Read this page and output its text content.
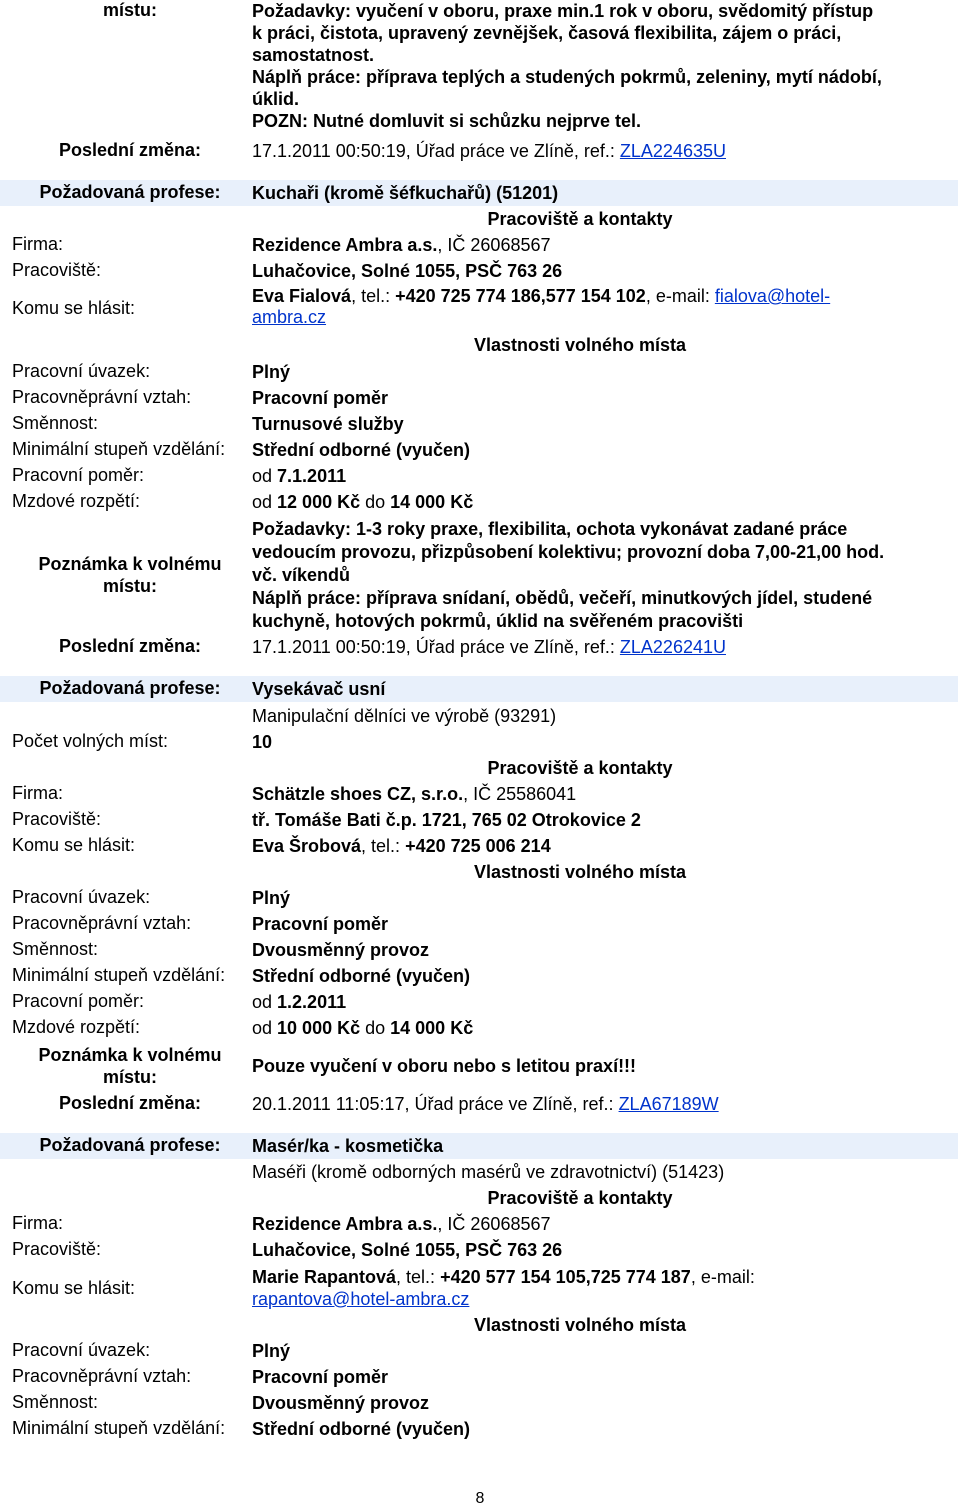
místu:	Požadavky: vyučení v oboru, praxe min.1 rok v oboru, svědomitý přístup
k práci, čistota, upravený zevnějšek, časová flexibilita, zájem o práci,
samostatnost.
Náplň práce: příprava teplých a studených pokrmů, zeleniny, mytí nádobí,
úklid.
POZN: Nutné domluvit si schůzku nejprve tel.
Poslední změna:	17.1.2011 00:50:19, Úřad práce ve Zlíně, ref.: ZLA224635U
Požadovaná profese:	Kuchaři (kromě šéfkuchařů) (51201)
Pracoviště a kontakty
Firma:	Rezidence Ambra a.s., IČ 26068567
Pracoviště:	Luhačovice, Solné 1055, PSČ 763 26
Komu se hlásit:
Eva Fialová, tel.: +420 725 774 186,577 154 102, e-mail: fialova@hotel-
ambra.cz
Vlastnosti volného místa
Pracovní úvazek:	Plný
Pracovněprávní vztah:	Pracovní poměr
Směnnost:	Turnusové služby
Minimální stupeň vzdělání:	Střední odborné (vyučen)
Pracovní poměr:	od 7.1.2011
Mzdové rozpětí:	od 12 000 Kč do 14 000 Kč
Poznámka k volnému
místu:
Požadavky: 1-3 roky praxe, flexibilita, ochota vykonávat zadané práce
vedoucím provozu, přizpůsobení kolektivu; provozní doba 7,00-21,00 hod.
vč. víkendů
Náplň práce: příprava snídaní, obědů, večeří, minutkových jídel, studené
kuchyně, hotových pokrmů, úklid na svěřeném pracovišti
Poslední změna:	17.1.2011 00:50:19, Úřad práce ve Zlíně, ref.: ZLA226241U
Požadovaná profese:	Vysekávač usní
Manipulační dělníci ve výrobě (93291)
Počet volných míst:	10
Pracoviště a kontakty
Firma:	Schätzle shoes CZ, s.r.o., IČ 25586041
Pracoviště:	tř. Tomáše Bati č.p. 1721, 765 02 Otrokovice 2
Komu se hlásit:	Eva Šrobová, tel.: +420 725 006 214
Vlastnosti volného místa
Pracovní úvazek:	Plný
Pracovněprávní vztah:	Pracovní poměr
Směnnost:	Dvousměnný provoz
Minimální stupeň vzdělání:	Střední odborné (vyučen)
Pracovní poměr:	od 1.2.2011
Mzdové rozpětí:	od 10 000 Kč do 14 000 Kč
Poznámka k volnému
místu:
Pouze vyučení v oboru nebo s letitou praxí!!!
Poslední změna:	20.1.2011 11:05:17, Úřad práce ve Zlíně, ref.: ZLA67189W
Požadovaná profese:	Masér/ka - kosmetička
Maséři (kromě odborných masérů ve zdravotnictví) (51423)
Pracoviště a kontakty
Firma:	Rezidence Ambra a.s., IČ 26068567
Pracoviště:	Luhačovice, Solné 1055, PSČ 763 26
Komu se hlásit:
Marie Rapantová, tel.: +420 577 154 105,725 774 187, e-mail:
rapantova@hotel-ambra.cz
Vlastnosti volného místa
Pracovní úvazek:	Plný
Pracovněprávní vztah:	Pracovní poměr
Směnnost:	Dvousměnný provoz
Minimální stupeň vzdělání:	Střední odborné (vyučen)
8
